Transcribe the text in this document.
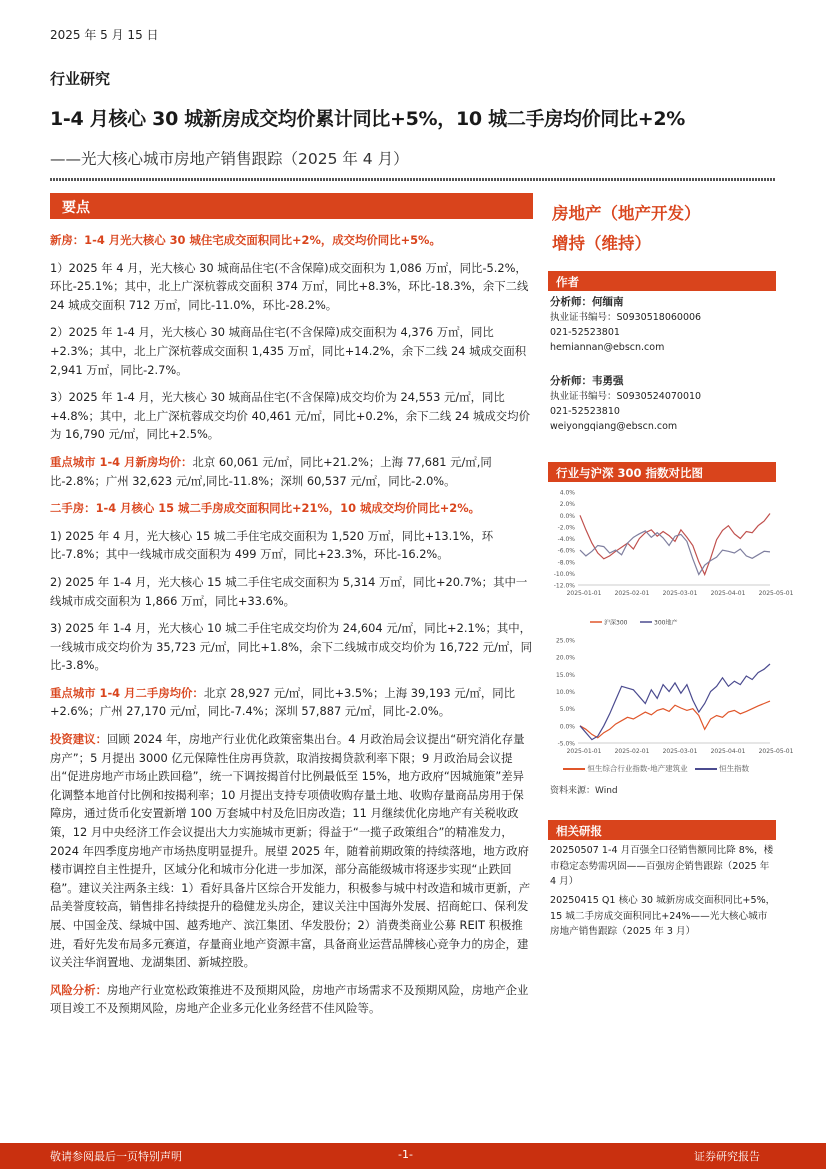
2025 年 5 月 15 日
行业研究
1-4 月核心 30 城新房成交均价累计同比+5%，10 城二手房均价同比+2%
——光大核心城市房地产销售跟踪（2025 年 4 月）
要点
新房：1-4 月光大核心 30 城住宅成交面积同比+2%，成交均价同比+5%。
1）2025 年 4 月，光大核心 30 城商品住宅(不含保障)成交面积为 1,086 万㎡，同比-5.2%，环比-25.1%；其中，北上广深杭蓉成交面积 374 万㎡，同比+8.3%，环比-18.3%，余下二线 24 城成交面积 712 万㎡，同比-11.0%，环比-28.2%。
2）2025 年 1-4 月，光大核心 30 城商品住宅(不含保障)成交面积为 4,376 万㎡，同比+2.3%；其中，北上广深杭蓉成交面积 1,435 万㎡，同比+14.2%，余下二线 24 城成交面积 2,941 万㎡，同比-2.7%。
3）2025 年 1-4 月，光大核心 30 城商品住宅(不含保障)成交均价为 24,553 元/㎡，同比+4.8%；其中，北上广深杭蓉成交均价 40,461 元/㎡，同比+0.2%，余下二线 24 城成交均价为 16,790 元/㎡，同比+2.5%。
重点城市 1-4 月新房均价：北京 60,061 元/㎡，同比+21.2%；上海 77,681 元/㎡,同比-2.8%；广州 32,623 元/㎡,同比-11.8%；深圳 60,537 元/㎡，同比-2.0%。
二手房：1-4 月核心 15 城二手房成交面积同比+21%，10 城成交均价同比+2%。
1) 2025 年 4 月，光大核心 15 城二手住宅成交面积为 1,520 万㎡，同比+13.1%，环比-7.8%；其中一线城市成交面积为 499 万㎡，同比+23.3%，环比-16.2%。
2) 2025 年 1-4 月，光大核心 15 城二手住宅成交面积为 5,314 万㎡，同比+20.7%；其中一线城市成交面积为 1,866 万㎡，同比+33.6%。
3) 2025 年 1-4 月，光大核心 10 城二手住宅成交均价为 24,604 元/㎡，同比+2.1%；其中，一线城市成交均价为 35,723 元/㎡，同比+1.8%，余下二线城市成交均价为 16,722 元/㎡，同比-3.8%。
重点城市 1-4 月二手房均价：北京 28,927 元/㎡，同比+3.5%；上海 39,193 元/㎡，同比+2.6%；广州 27,170 元/㎡，同比-7.4%；深圳 57,887 元/㎡，同比-2.0%。
投资建议：回顾 2024 年，房地产行业优化政策密集出台。4 月政治局会议提出“研究消化存量房产”；5 月提出 3000 亿元保障性住房再贷款，取消按揭贷款利率下限；9 月政治局会议提出“促进房地产市场止跌回稳”，统一下调按揭首付比例最低至 15%，地方政府“因城施策”差异化调整本地首付比例和按揭利率；10 月提出支持专项债收购存量土地、收购存量商品房用于保障房，通过货币化安置新增 100 万套城中村及危旧房改造；11 月继续优化房地产有关税收政策，12 月中央经济工作会议提出大力实施城市更新；得益于“一揽子政策组合”的精准发力，2024 年四季度房地产市场热度明显提升。展望 2025 年，随着前期政策的持续落地，地方政府楼市调控自主性提升，区域分化和城市分化进一步加深，部分高能级城市将逐步实现“止跌回稳”。建议关注两条主线：1）看好具备片区综合开发能力，积极参与城中村改造和城市更新，产品美誉度较高，销售排名持续提升的稳健龙头房企，建议关注中国海外发展、招商蛇口、保利发展、中国金茂、绿城中国、越秀地产、滨江集团、华发股份；2）消费类商业公募 REIT 积极推进，看好先发布局多元赛道，存量商业地产资源丰富，具备商业运营品牌核心竞争力的房企，建议关注华润置地、龙湖集团、新城控股。
风险分析：房地产行业宽松政策推进不及预期风险，房地产市场需求不及预期风险，房地产企业项目竣工不及预期风险，房地产企业多元化业务经营不佳风险等。
房地产（地产开发）
增持（维持）
作者
分析师：何缅南
执业证书编号：S0930518060006
021-52523801
hemiannan@ebscn.com
分析师：韦勇强
执业证书编号：S0930524070010
021-52523810
weiyongqiang@ebscn.com
行业与沪深 300 指数对比图
4.0%
2.0%
0.0%
-2.0%
-4.0%
-6.0%
-8.0%
-10.0%
-12.0%
2025-01-01 2025-02-01 2025-03-01 2025-04-01 2025-05-01
25.0%
20.0%
15.0%
10.0%
5.0%
0.0%
-5.0%
2025-01-01 2025-02-01 2025-03-01 2025-04-01 2025-05-01
沪深300	300地产
恒生综合行业指数-地产建筑业	恒生指数
资料来源：Wind
相关研报
20250507 1-4 月百强全口径销售额同比降 8%，楼市稳定态势需巩固——百强房企销售跟踪（2025 年 4 月）
20250415 Q1 核心 30 城新房成交面积同比+5%，15 城二手房成交面积同比+24%——光大核心城市房地产销售跟踪（2025 年 3 月）
敬请参阅最后一页特别声明	-1-	证券研究报告
